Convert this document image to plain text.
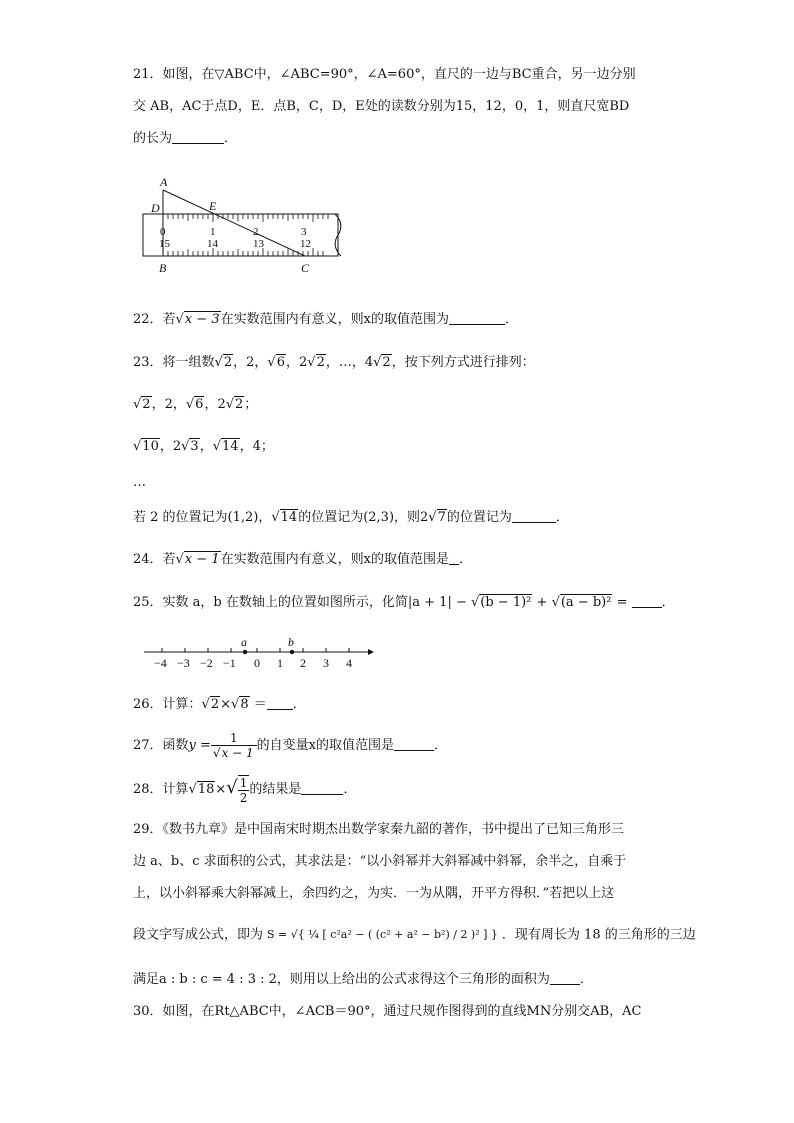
21．如图，在▽ABC中，∠ABC=90°，∠A=60°，直尺的一边与BC重合，另一边分别
交 AB，AC于点D，E．点B，C，D，E处的读数分别为15，12，0，1，则直尺宽BD
的长为	．
A
D	E
B	C
0	1	2	3
15	14	13	12
22．若√x − 3在实数范围内有意义，则x的取值范围为	．
23．将一组数√2，2，√6，2√2，…，4√2，按下列方式进行排列：
√2，2，√6，2√2；
√10，2√3，√14，4；
…
若 2 的位置记为(1,2)，√14的位置记为(2,3)，则2√7的位置记为	．
24．若√x − 1在实数范围内有意义，则x的取值范围是 ．
25．实数 a，b 在数轴上的位置如图所示，化简|a + 1| − √(b − 1)² + √(a − b)² = ．
a	b
−4 −3 −2 −1 0 1 2 3 4
26．计算：√2×√8 ＝ ．
27．函数$y = \frac{1}{√x - 1}$ 的自变量x的取值范围是	．
28．计算$√18\times√ \frac{1}{2}$ 的结果是	．
29．《数书九章》是中国南宋时期杰出数学家秦九韶的著作，书中提出了已知三角形三
边 a、b、c 求面积的公式，其求法是：“以小斜幂并大斜幂减中斜幂，余半之，自乘于
上，以小斜幂乘大斜幂减上，余四约之，为实．一为从隅，开平方得积．”若把以上这
段文字写成公式，即为 S = √{ ¼ [ c²a² − ( (c² + a² − b²) / 2 )² ] } ．现有周长为 18 的三角形的三边
满足a : b : c = 4 : 3 : 2，则用以上给出的公式求得这个三角形的面积为 ．
30．如图，在Rt△ABC中，∠ACB＝90°，通过尺规作图得到的直线MN分别交AB，AC
